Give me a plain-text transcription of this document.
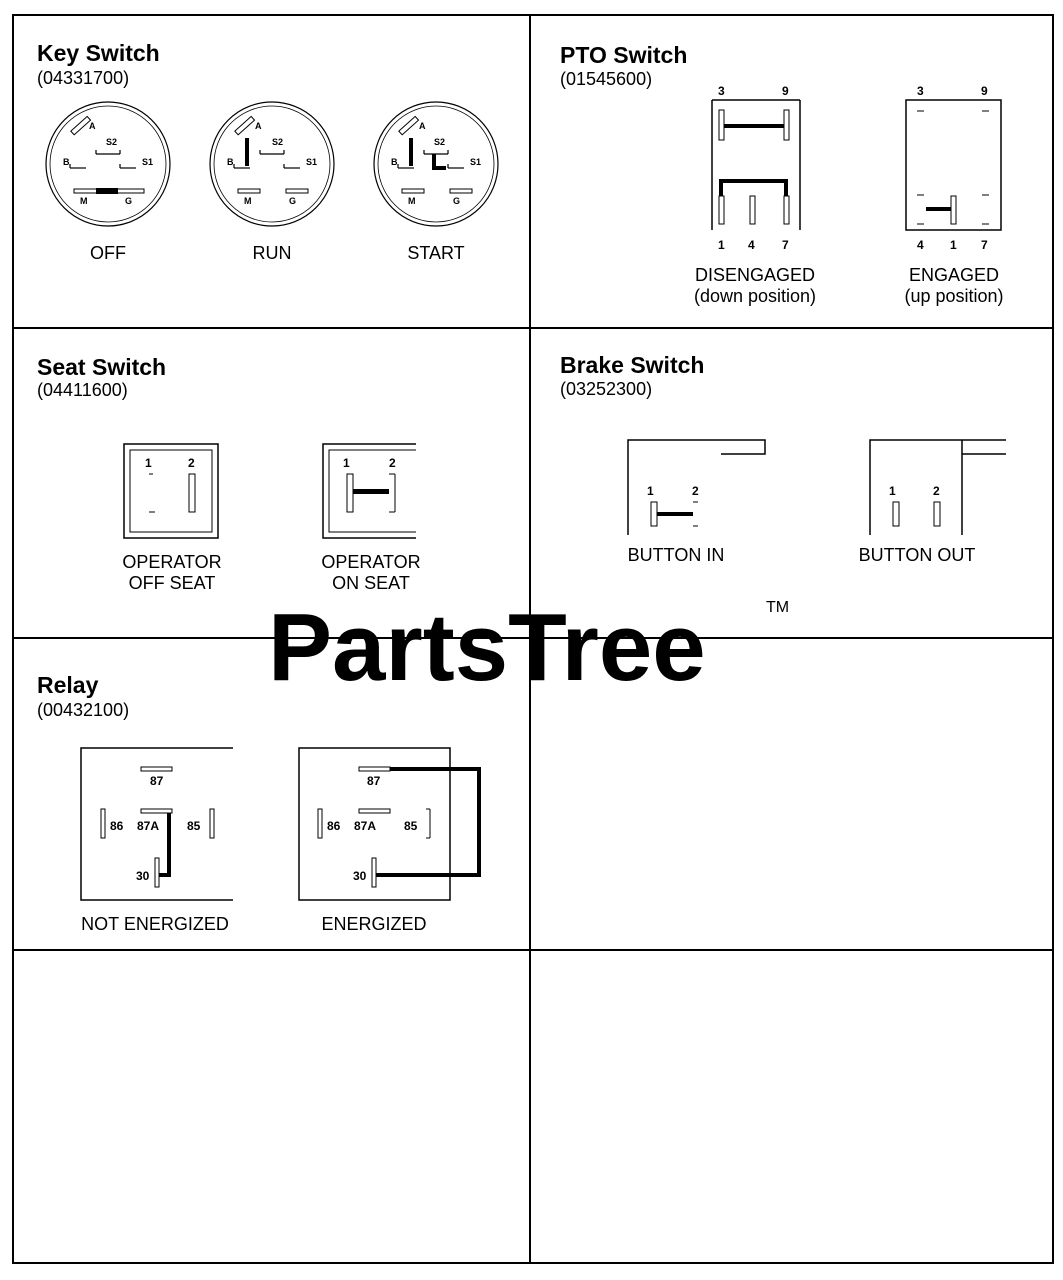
PartsTree	TM
Key Switch
(04331700)
A
S2
B	S1
M	G
OFF
A
S2
B	S1
M	G
RUN
A
S2
B	S1
M	G
START
PTO Switch
(01545600)
3	9
1 4 7
DISENGAGED
(down position)
3	9
4 1 7
ENGAGED
(up position)
Seat Switch
(04411600)
1	2
OPERATOR
OFF SEAT
1	2
OPERATOR
ON SEAT
Brake Switch
(03252300)
1	2
BUTTON IN
1	2
BUTTON OUT
Relay
(00432100)
87
86 87A 85
30
NOT ENERGIZED
87
86 87A 85
30
ENERGIZED
